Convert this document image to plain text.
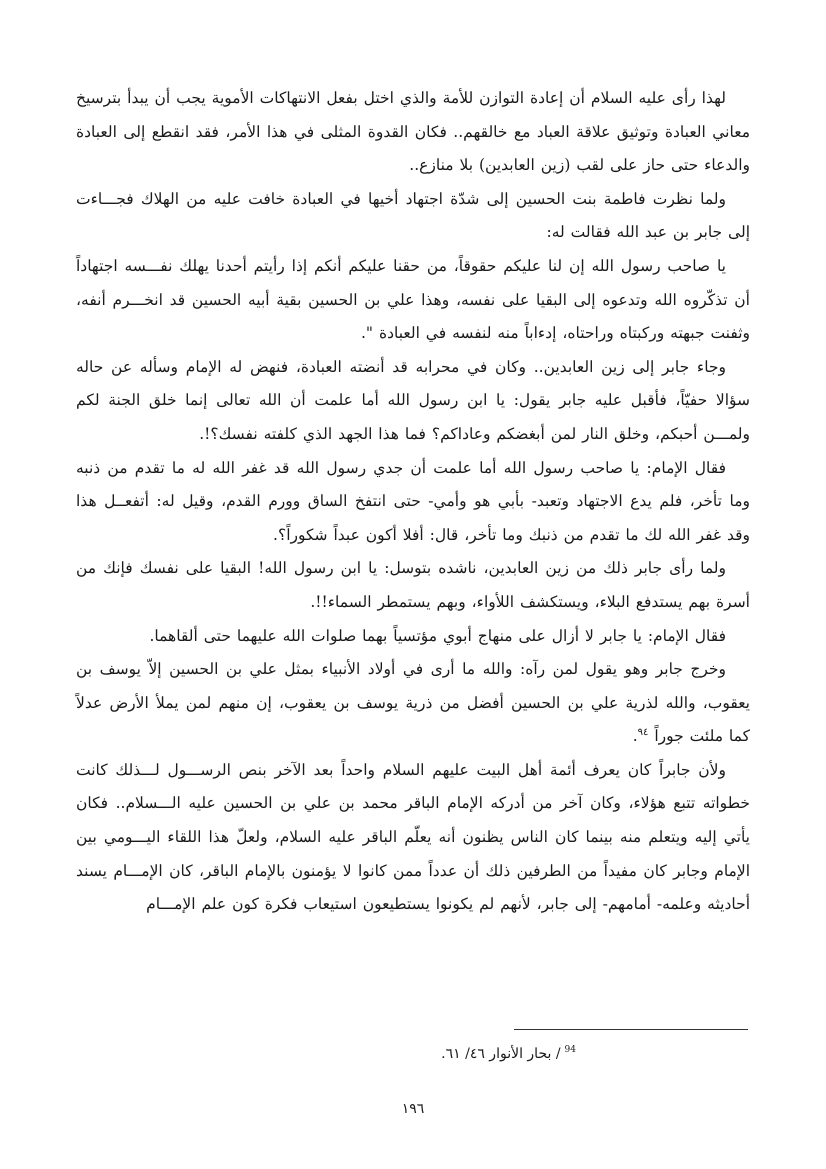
لهذا رأى عليه السلام أن إعادة التوازن للأمة والذي اختل بفعل الانتهاكات الأموية يجب أن يبدأ بترسيخ معاني العبادة وتوثيق علاقة العباد مع خالقهم.. فكان القدوة المثلى في هذا الأمر، فقد انقطع إلى العبادة والدعاء حتى حاز على لقب (زين العابدين) بلا منازع..

ولما نظرت فاطمة بنت الحسين إلى شدّة اجتهاد أخيها في العبادة خافت عليه من الهلاك فجـــاءت إلى جابر بن عبد الله فقالت له:

يا صاحب رسول الله إن لنا عليكم حقوقاً، من حقنا عليكم أنكم إذا رأيتم أحدنا يهلك نفـــسه اجتهاداً أن تذكّروه الله وتدعوه إلى البقيا على نفسه، وهذا علي بن الحسين بقية أبيه الحسين قد انخـــرم أنفه، وثفنت جبهته وركبتاه وراحتاه، إدءاباً منه لنفسه في العبادة ".

وجاء جابر إلى زين العابدين.. وكان في محرابه قد أنضته العبادة، فنهض له الإمام وسأله عن حاله سؤالا حفيّاً، فأقبل عليه جابر يقول: يا ابن رسول الله أما علمت أن الله تعالى إنما خلق الجنة لكم ولمـــن أحبكم، وخلق النار لمن أبغضكم وعاداكم؟ فما هذا الجهد الذي كلفته نفسك؟!.

فقال الإمام: يا صاحب رسول الله أما علمت أن جدي رسول الله قد غفر الله له ما تقدم من ذنبه وما تأخر، فلم يدع الاجتهاد وتعبد- بأبي هو وأمي- حتى انتفخ الساق وورم القدم، وقيل له: أتفعــل هذا وقد غفر الله لك ما تقدم من ذنبك وما تأخر، قال: أفلا أكون عبداً شكوراً؟.

ولما رأى جابر ذلك من زين العابدين، ناشده بتوسل: يا ابن رسول الله! البقيا على نفسك فإنك من أسرة بهم يستدفع البلاء، ويستكشف اللأواء، وبهم يستمطر السماء!!.

فقال الإمام: يا جابر لا أزال على منهاج أبوي مؤتسياً بهما صلوات الله عليهما حتى ألقاهما.

وخرج جابر وهو يقول لمن رآه: والله ما أرى في أولاد الأنبياء بمثل علي بن الحسين إلاّ يوسف بن يعقوب، والله لذرية علي بن الحسين أفضل من ذرية يوسف بن يعقوب، إن منهم لمن يملأ الأرض عدلاً كما ملئت جوراً $^{٩٤}$.

ولأن جابراً كان يعرف أئمة أهل البيت عليهم السلام واحداً بعد الآخر بنص الرســـول لـــذلك كانت خطواته تتبع هؤلاء، وكان آخر من أدركه الإمام الباقر محمد بن علي بن الحسين عليه الـــسلام.. فكان يأتي إليه ويتعلم منه بينما كان الناس يظنون أنه يعلّم الباقر عليه السلام، ولعلّ هذا اللقاء اليـــومي بين الإمام وجابر كان مفيداً من الطرفين ذلك أن عدداً ممن كانوا لا يؤمنون بالإمام الباقر، كان الإمـــام يسند أحاديثه وعلمه- أمامهم- إلى جابر، لأنهم لم يكونوا يستطيعون استيعاب فكرة كون علم الإمـــام

$^{94}$/ بحار الأنوار ٤٦/ ٦١.
١٩٦
